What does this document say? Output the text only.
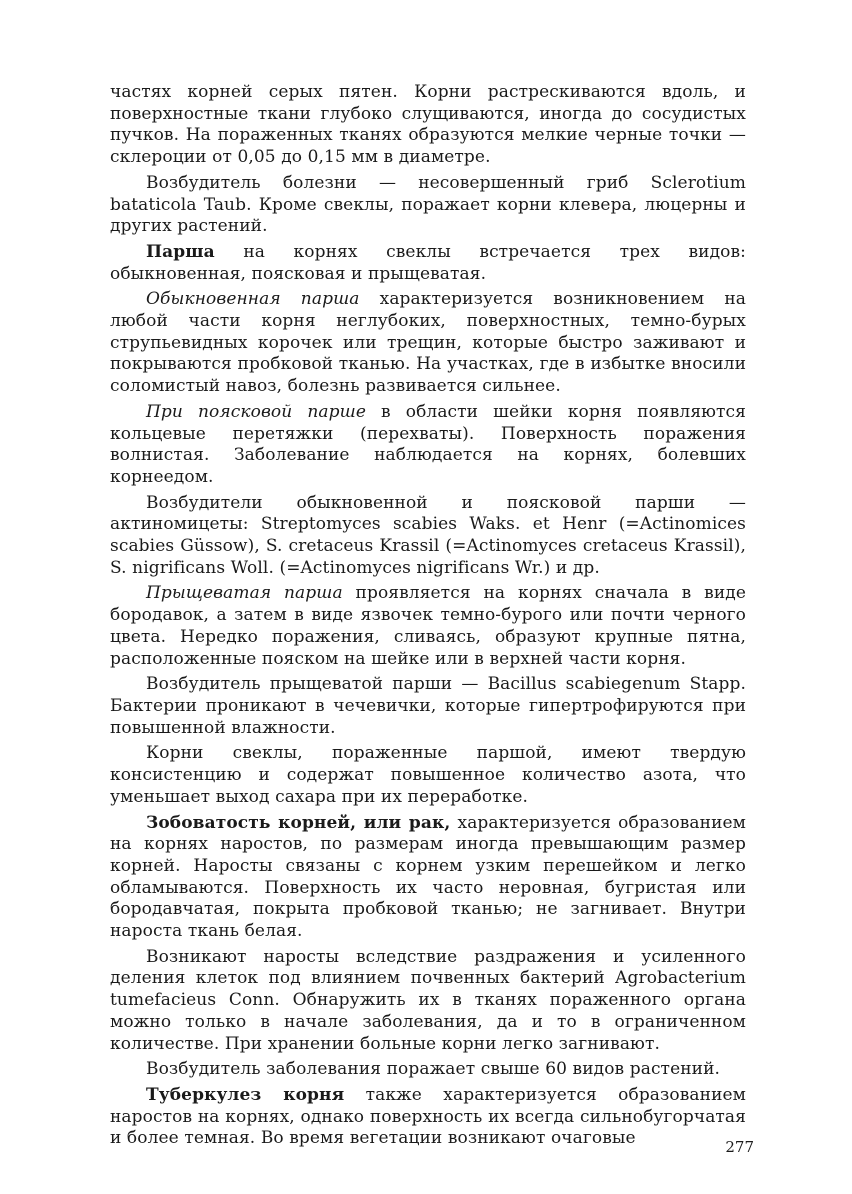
частях корней серых пятен. Корни растрескиваются вдоль, и поверхностные ткани глубоко слущиваются, иногда до сосудистых пучков. На пораженных тканях образуются мелкие черные точки — склероции от 0,05 до 0,15 мм в диаметре.

Возбудитель болезни — несовершенный гриб Sclerotium bataticola Taub. Кроме свеклы, поражает корни клевера, люцерны и других растений.

Парша на корнях свеклы встречается трех видов: обыкновенная, поясковая и прыщеватая.

Обыкновенная парша характеризуется возникновением на любой части корня неглубоких, поверхностных, темно-бурых струпьевидных корочек или трещин, которые быстро заживают и покрываются пробковой тканью. На участках, где в избытке вносили соломистый навоз, болезнь развивается сильнее.

При поясковой парше в области шейки корня появляются кольцевые перетяжки (перехваты). Поверхность поражения волнистая. Заболевание наблюдается на корнях, болевших корнеедом.

Возбудители обыкновенной и поясковой парши — актиномицеты: Streptomyces scabies Waks. et Henr (=Actinomices scabies Güssow), S. cretaceus Krassil (=Actinomyces cretaceus Krassil), S. nigrificans Woll. (=Actinomyces nigrificans Wr.) и др.

Прыщеватая парша проявляется на корнях сначала в виде бородавок, а затем в виде язвочек темно-бурого или почти черного цвета. Нередко поражения, сливаясь, образуют крупные пятна, расположенные пояском на шейке или в верхней части корня.

Возбудитель прыщеватой парши — Bacillus scabiegenum Stapp. Бактерии проникают в чечевички, которые гипертрофируются при повышенной влажности.

Корни свеклы, пораженные паршой, имеют твердую консистенцию и содержат повышенное количество азота, что уменьшает выход сахара при их переработке.

Зобоватость корней, или рак, характеризуется образованием на корнях наростов, по размерам иногда превышающим размер корней. Наросты связаны с корнем узким перешейком и легко обламываются. Поверхность их часто неровная, бугристая или бородавчатая, покрыта пробковой тканью; не загнивает. Внутри нароста ткань белая.

Возникают наросты вследствие раздражения и усиленного деления клеток под влиянием почвенных бактерий Agrobacterium tumefacieus Conn. Обнаружить их в тканях пораженного органа можно только в начале заболевания, да и то в ограниченном количестве. При хранении больные корни легко загнивают.

Возбудитель заболевания поражает свыше 60 видов растений.

Туберкулез корня также характеризуется образованием наростов на корнях, однако поверхность их всегда сильнобугорчатая и более темная. Во время вегетации возникают очаговые	277
